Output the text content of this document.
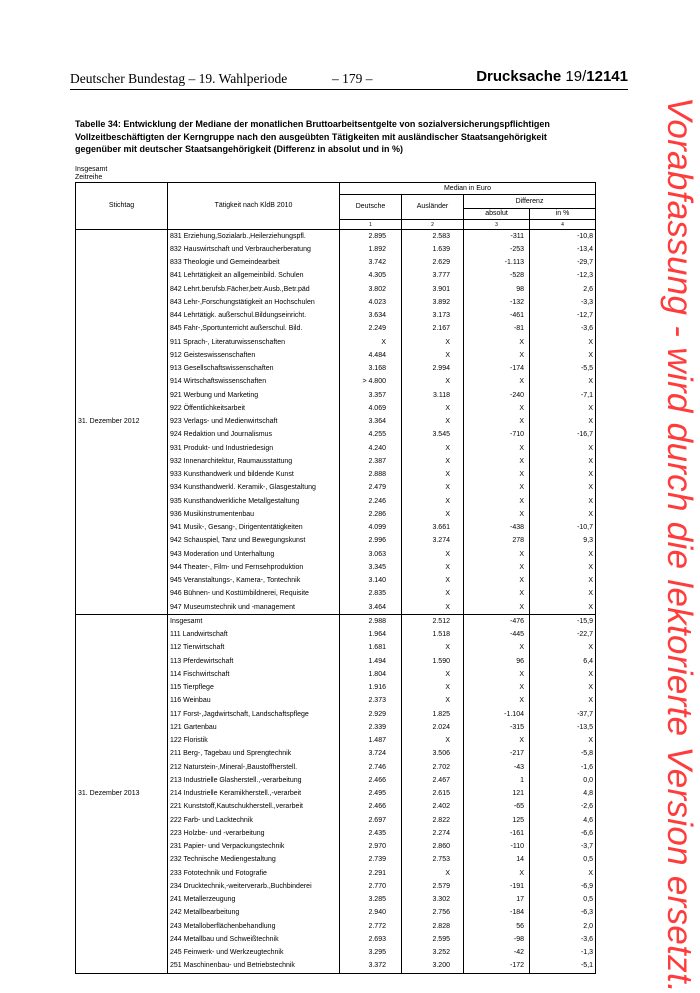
Deutscher Bundestag – 19. Wahlperiode	– 179 –	Drucksache 19/12141
Tabelle 34: Entwicklung der Mediane der monatlichen Bruttoarbeitsentgelte von sozialversicherungspflichtigen Vollzeitbeschäftigten der Kerngruppe nach den ausgeübten Tätigkeiten mit ausländischer Staatsangehörigkeit gegenüber mit deutscher Staatsangehörigkeit (Differenz in absolut und in %)
Insgesamt
Zeitreihe	Vorabfassung - wird durch die lektorierte Version ersetzt.
Stichtag	Tätigkeit nach KldB 2010	Median in Euro			
		Deutsche	Ausländer	Differenz	
				absolut	in %
		1	2	3	4
31. Dezember 2012	831 Erziehung,Sozialarb.,Heilerziehungspfl.	2.895	2.583	-311	-10,8
	832 Hauswirtschaft und Verbraucherberatung	1.892	1.639	-253	-13,4
	833 Theologie und Gemeindearbeit	3.742	2.629	-1.113	-29,7
	841 Lehrtätigkeit an allgemeinbild. Schulen	4.305	3.777	-528	-12,3
	842 Lehrt.berufsb.Fächer,betr.Ausb.,Betr.päd	3.802	3.901	98	2,6
	843 Lehr-,Forschungstätigkeit an Hochschulen	4.023	3.892	-132	-3,3
	844 Lehrtätigk. außerschul.Bildungseinricht.	3.634	3.173	-461	-12,7
	845 Fahr-,Sportunterricht außerschul. Bild.	2.249	2.167	-81	-3,6
	911 Sprach-, Literaturwissenschaften	X	X	X	X
	912 Geisteswissenschaften	4.484	X	X	X
	913 Gesellschaftswissenschaften	3.168	2.994	-174	-5,5
	914 Wirtschaftswissenschaften	> 4.800	X	X	X
	921 Werbung und Marketing	3.357	3.118	-240	-7,1
	922 Öffentlichkeitsarbeit	4.069	X	X	X
	923 Verlags- und Medienwirtschaft	3.364	X	X	X
	924 Redaktion und Journalismus	4.255	3.545	-710	-16,7
	931 Produkt- und Industriedesign	4.240	X	X	X
	932 Innenarchitektur, Raumausstattung	2.387	X	X	X
	933 Kunsthandwerk und bildende Kunst	2.888	X	X	X
	934 Kunsthandwerkl. Keramik-, Glasgestaltung	2.479	X	X	X
	935 Kunsthandwerkliche Metallgestaltung	2.246	X	X	X
	936 Musikinstrumentenbau	2.286	X	X	X
	941 Musik-, Gesang-, Dirigententätigkeiten	4.099	3.661	-438	-10,7
	942 Schauspiel, Tanz und Bewegungskunst	2.996	3.274	278	9,3
	943 Moderation und Unterhaltung	3.063	X	X	X
	944 Theater-, Film- und Fernsehproduktion	3.345	X	X	X
	945 Veranstaltungs-, Kamera-, Tontechnik	3.140	X	X	X
	946 Bühnen- und Kostümbildnerei, Requisite	2.835	X	X	X
	947 Museumstechnik und -management	3.464	X	X	X
31. Dezember 2013	Insgesamt	2.988	2.512	-476	-15,9
	111 Landwirtschaft	1.964	1.518	-445	-22,7
	112 Tierwirtschaft	1.681	X	X	X
	113 Pferdewirtschaft	1.494	1.590	96	6,4
	114 Fischwirtschaft	1.804	X	X	X
	115 Tierpflege	1.916	X	X	X
	116 Weinbau	2.373	X	X	X
	117 Forst-,Jagdwirtschaft, Landschaftspflege	2.929	1.825	-1.104	-37,7
	121 Gartenbau	2.339	2.024	-315	-13,5
	122 Floristik	1.487	X	X	X
	211 Berg-, Tagebau und Sprengtechnik	3.724	3.506	-217	-5,8
	212 Naturstein-,Mineral-,Baustoffherstell.	2.746	2.702	-43	-1,6
	213 Industrielle Glasherstell.,-verarbeitung	2.466	2.467	1	0,0
	214 Industrielle Keramikherstell.,-verarbeit	2.495	2.615	121	4,8
	221 Kunststoff,Kautschukherstell.,verarbeit	2.466	2.402	-65	-2,6
	222 Farb- und Lacktechnik	2.697	2.822	125	4,6
	223 Holzbe- und -verarbeitung	2.435	2.274	-161	-6,6
	231 Papier- und Verpackungstechnik	2.970	2.860	-110	-3,7
	232 Technische Mediengestaltung	2.739	2.753	14	0,5
	233 Fototechnik und Fotografie	2.291	X	X	X
	234 Drucktechnik,-weiterverarb.,Buchbinderei	2.770	2.579	-191	-6,9
	241 Metallerzeugung	3.285	3.302	17	0,5
	242 Metallbearbeitung	2.940	2.756	-184	-6,3
	243 Metalloberflächenbehandlung	2.772	2.828	56	2,0
	244 Metallbau und Schweißtechnik	2.693	2.595	-98	-3,6
	245 Feinwerk- und Werkzeugtechnik	3.295	3.252	-42	-1,3
	251 Maschinenbau- und Betriebstechnik	3.372	3.200	-172	-5,1
